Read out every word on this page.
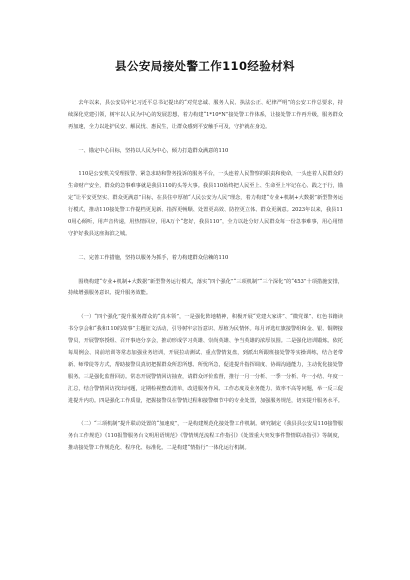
县公安局接处警工作110经验材料

去年以来，县公安局牢记习近平总书记提出的“对党忠诚、服务人民、执法公正、纪律严明”的公安工作总要求，持续深化党建引领，树牢以人民为中心的发展思想，着力构建“1*10*N”接处警工作体系，让接处警工作再升级，服务群众再加速，全力以赴护民安、解民忧、惠民生，让群众感到平安触手可及，守护就在身边。

一、锚定中心目标，坚持以人民为中心，倾力打造群众满意的110

110是公安机关受理报警、紧急求助和警务投诉的服务平台，一头连着人民警察的职责和使命，一头连着人民群众的生命财产安全，群众的急事难事就是我县110的头等大事。我县110始终把人民至上、生命至上牢记在心、践之于行，锚定“让平安更坚实、群众更满意”目标，在县住中厚植“人民公安为人民”理念，着力构建“专业+机制+大数据”新型警务运行模式，推动110接处警工作提档更见新、指挥更畅顺、处置更高效、防控更立体、群众更满意。2023年以来，我县110用心倾听，用声音传递，用热情回应，用A万个“您好，我县110”，全力以赴分好人民群众每一份急事难事，用心用情守护好我县这座海滨之城。

二、完善工作措施，坚持以服务为抓手，着力构建群众信赖的110

围绕构建“专业+机制+大数据”新型警务运行模式，落实“四个强化”“三项机制”“三个深化”的“453”十项措施安排，持续增强服务意识、提升服务效能。

（一）“四个强化”提升服务群众的“真本领”，一是强化阵地精神，积极开展“党建大家讲”、“微党课”、红色书籍读书分享会和“我和110的故事”主题征文活动，引导树牢宗旨意识、厚植为民情怀。每月评选红旗接警组和金、银、铜牌接警员，开展警察授组、召开事迹分享会，推动形成学习英雄、崇尚英雄、争当英雄的浓厚氛围。二是强化培训锻炼。依托每周例会、岗前培训等常态加强业务培训，开展拉动测试、重点警情复盘，到派出所跟班接处警等实操训练，结合老带新、师带徒等方式，帮助接警员真切把握群众所思所想、所忧所急，促进提升指挥调度、协调沟通能力，主动优化接处警服务。三是强化监督回访。常态开展警情回访抽查，请群众评价监督，推行一月一分析、一季一分析、年一小结、年度一汇总，结合警情回访找出问题，定期检视整改清单，改进服务作风、工作态度及业务能力、效率不高等问题，举一反三促进提升内功。四是强化工作质量，把握接警员在警情过程和接警细节中的专业处置，加强服务规范，切实提升服务水平。

（二）“三项机制”提升联动处置的“加速度”，一是构建规范化接处警工作机制。研究制定《我县县公安局110接警服务台工作规范》《110报警服务台文明用语规范》《警情规范流程工作指引》《处置重大突发事件警情联动指引》等制度，推动接处警工作规范化、程序化、标准化。二是构建“情指行”一体化运行机制。
